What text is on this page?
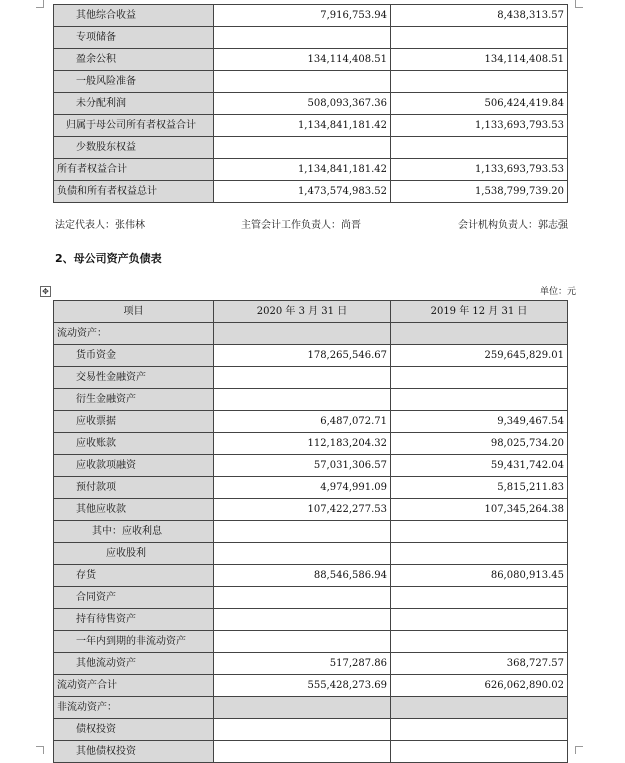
其他综合收益	7,916,753.94	8,438,313.57
专项储备		
盈余公积	134,114,408.51	134,114,408.51
一般风险准备		
未分配利润	508,093,367.36	506,424,419.84
归属于母公司所有者权益合计	1,134,841,181.42	1,133,693,793.53
少数股东权益		
所有者权益合计	1,134,841,181.42	1,133,693,793.53
负债和所有者权益总计	1,473,574,983.52	1,538,799,739.20
法定代表人：张伟林	主管会计工作负责人：尚晋	会计机构负责人：郭志强
2、母公司资产负债表
✥	单位：元
项目	2020 年 3 月 31 日	2019 年 12 月 31 日
流动资产：		
货币资金	178,265,546.67	259,645,829.01
交易性金融资产		
衍生金融资产		
应收票据	6,487,072.71	9,349,467.54
应收账款	112,183,204.32	98,025,734.20
应收款项融资	57,031,306.57	59,431,742.04
预付款项	4,974,991.09	5,815,211.83
其他应收款	107,422,277.53	107,345,264.38
其中：应收利息		
应收股利		
存货	88,546,586.94	86,080,913.45
合同资产		
持有待售资产		
一年内到期的非流动资产		
其他流动资产	517,287.86	368,727.57
流动资产合计	555,428,273.69	626,062,890.02
非流动资产：		
债权投资		
其他债权投资		
